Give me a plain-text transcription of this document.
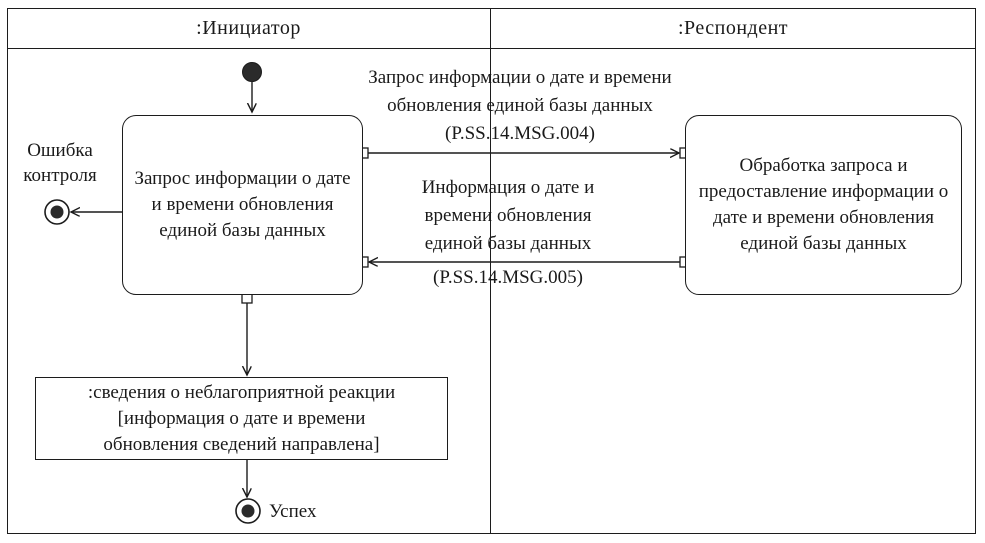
:Инициатор	:Респондент
Запрос информации о дате и времени обновления единой базы данных
Обработка запроса и предоставление информации о дате и времени обновления единой базы данных
:сведения о неблагоприятной реакции
[информация о дате и времени
обновления сведений направлена]
Запрос информации о дате и времени
обновления единой базы данных
(P.SS.14.MSG.004)
Информация о дате и
времени обновления
единой базы данных
(P.SS.14.MSG.005)
Ошибка контроля
Успех
